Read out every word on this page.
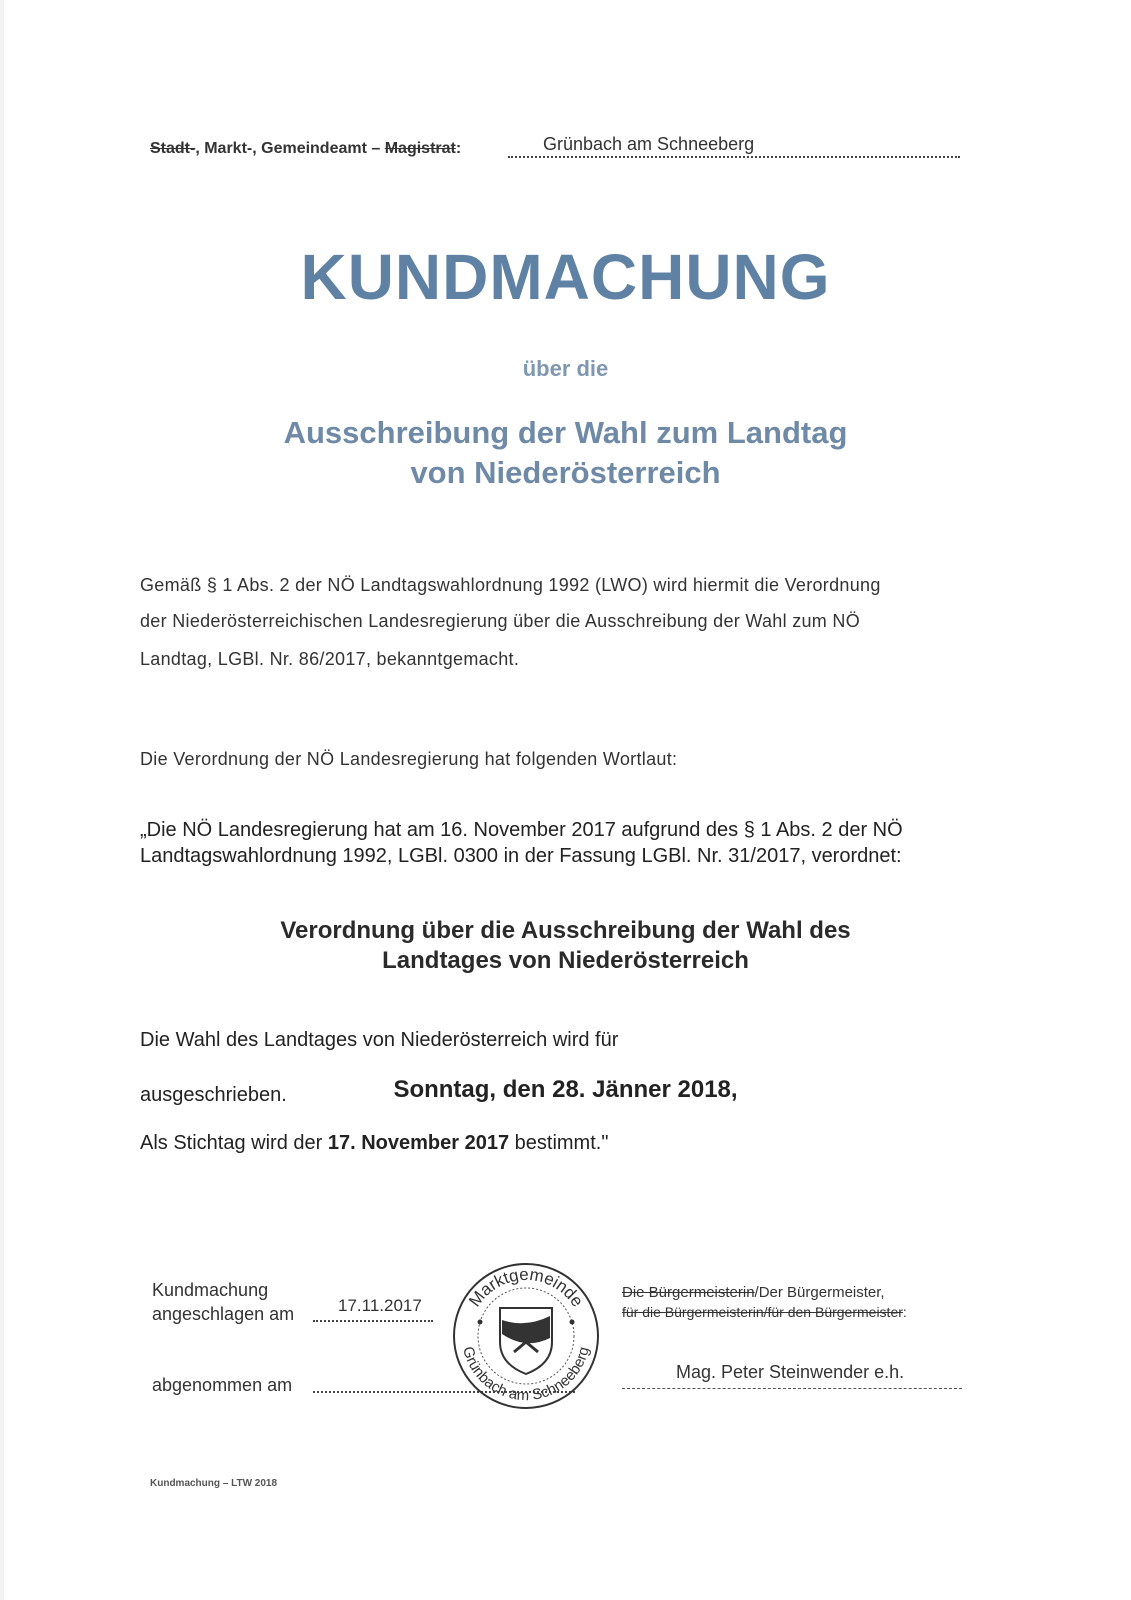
Stadt-, Markt-, Gemeindeamt – Magistrat:	Grünbach am Schneeberg
KUNDMACHUNG
über die
Ausschreibung der Wahl zum Landtag
von Niederösterreich
Gemäß § 1 Abs. 2 der NÖ Landtagswahlordnung 1992 (LWO) wird hiermit die Verordnung
der Niederösterreichischen Landesregierung über die Ausschreibung der Wahl zum NÖ
Landtag, LGBl. Nr. 86/2017, bekanntgemacht.
Die Verordnung der NÖ Landesregierung hat folgenden Wortlaut:
„Die NÖ Landesregierung hat am 16. November 2017 aufgrund des § 1 Abs. 2 der NÖ
Landtagswahlordnung 1992, LGBl. 0300 in der Fassung LGBl. Nr. 31/2017, verordnet:
Verordnung über die Ausschreibung der Wahl des
Landtages von Niederösterreich
Die Wahl des Landtages von Niederösterreich wird für
Sonntag, den 28. Jänner 2018,
ausgeschrieben.
Als Stichtag wird der 17. November 2017 bestimmt."
Kundmachung
angeschlagen am	17.11.2017
abgenommen am
Marktgemeinde
Grünbach am Schneeberg
Die Bürgermeisterin/Der Bürgermeister,
für die Bürgermeisterin/für den Bürgermeister:
Mag. Peter Steinwender e.h.
Kundmachung – LTW 2018
